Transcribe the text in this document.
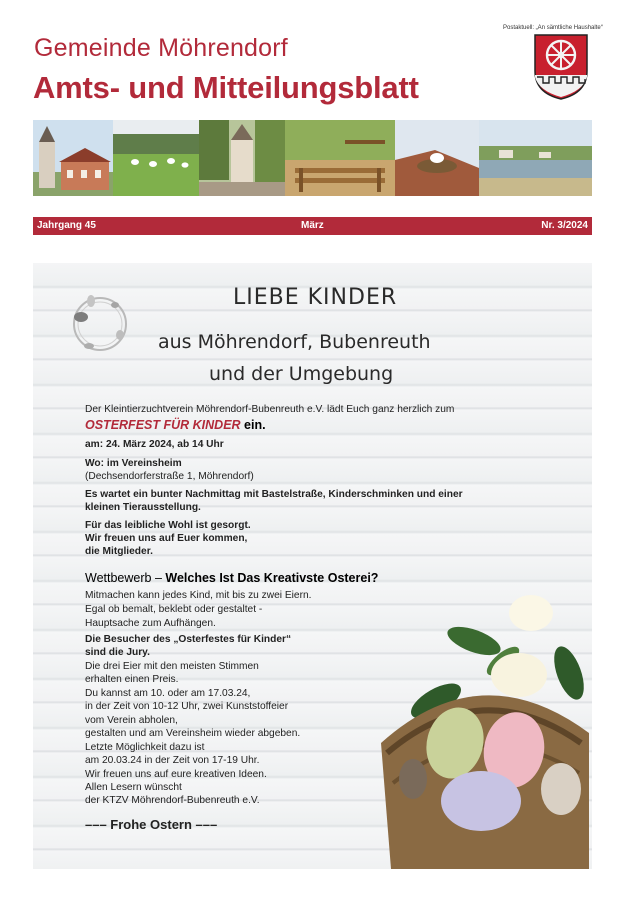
Postaktuell: „An sämtliche Haushalte“
Gemeinde Möhrendorf
Amts- und Mitteilungsblatt
Jahrgang 45	März	Nr. 3/2024
LIEBE KINDER
aus Möhrendorf, Bubenreuth
und der Umgebung
Der Kleintierzuchtverein Möhrendorf-Bubenreuth e.V. lädt Euch ganz herzlich zum
OSTERFEST FÜR KINDER ein.
am: 24. März 2024, ab 14 Uhr
Wo: im Vereinsheim
(Dechsendorferstraße 1, Möhrendorf)
Es wartet ein bunter Nachmittag mit Bastelstraße, Kinderschminken und einer
kleinen Tierausstellung.
Für das leibliche Wohl ist gesorgt.
Wir freuen uns auf Euer kommen,
die Mitglieder.
Wettbewerb – Welches Ist Das Kreativste Osterei?
Mitmachen kann jedes Kind, mit bis zu zwei Eiern.
Egal ob bemalt, beklebt oder gestaltet -
Hauptsache zum Aufhängen.
Die Besucher des „Osterfestes für Kinder“
sind die Jury.
Die drei Eier mit den meisten Stimmen
erhalten einen Preis.
Du kannst am 10. oder am 17.03.24,
in der Zeit von 10-12 Uhr, zwei Kunststoffeier
vom Verein abholen,
gestalten und am Vereinsheim wieder abgeben.
Letzte Möglichkeit dazu ist
am 20.03.24 in der Zeit von 17-19 Uhr.
Wir freuen uns auf eure kreativen Ideen.
Allen Lesern wünscht
der KTZV Möhrendorf-Bubenreuth e.V.
––– Frohe Ostern –––
